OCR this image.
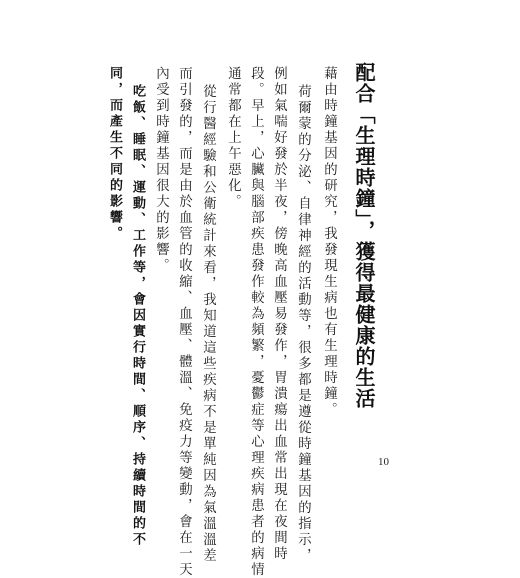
配合「生理時鐘」，獲得最健康的生活
藉由時鐘基因的研究，我發現生病也有生理時鐘。
荷爾蒙的分泌、自律神經的活動等，很多都是遵從時鐘基因的指示，
例如氣喘好發於半夜，傍晚高血壓易發作，胃潰瘍出血常出現在夜間時
段。早上，心臟與腦部疾患發作較為頻繁，憂鬱症等心理疾病患者的病情
通常都在上午惡化。
從行醫經驗和公衛統計來看，我知道這些疾病不是單純因為氣溫溫差
而引發的，而是由於血管的收縮、血壓、體溫、免疫力等變動，會在一天
內受到時鐘基因很大的影響。
吃飯、睡眠、運動、工作等，會因實行時間、順序、持續時間的不
同，而產生不同的影響。
10
